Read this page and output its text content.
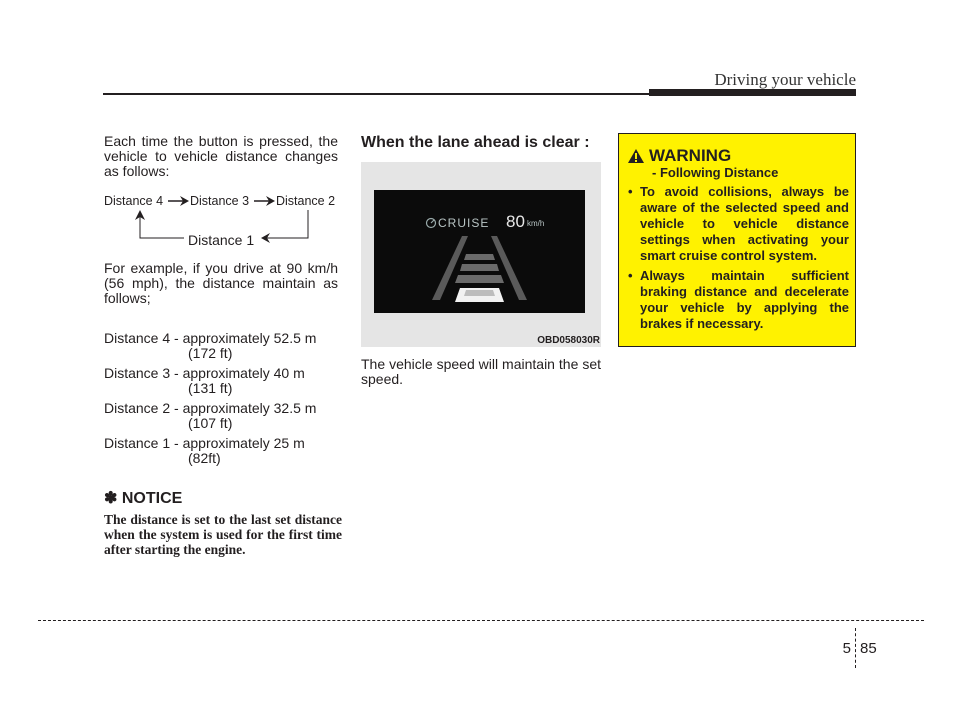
Driving your vehicle

Each time the button is pressed, the vehicle to vehicle distance changes as follows:

Distance 4 Distance 3 Distance 2
Distance 1

For example, if you drive at 90 km/h (56 mph), the distance maintain as follows;

Distance 4 - approximately 52.5 m
(172 ft)
Distance 3 - approximately 40 m
(131 ft)
Distance 2 - approximately 32.5 m
(107 ft)
Distance 1 - approximately 25 m
(82ft)
✽ NOTICE

The distance is set to the last set distance when the system is used for the first time after starting the engine.

When the lane ahead is clear :
CRUISE 80 km/h
OBD058030R

The vehicle speed will maintain the set speed.

WARNING
- Following Distance
• To avoid collisions, always be aware of the selected speed and vehicle to vehicle distance settings when activating your smart cruise control system.
• Always maintain sufficient braking distance and decelerate your vehicle by applying the brakes if necessary.
5 85
